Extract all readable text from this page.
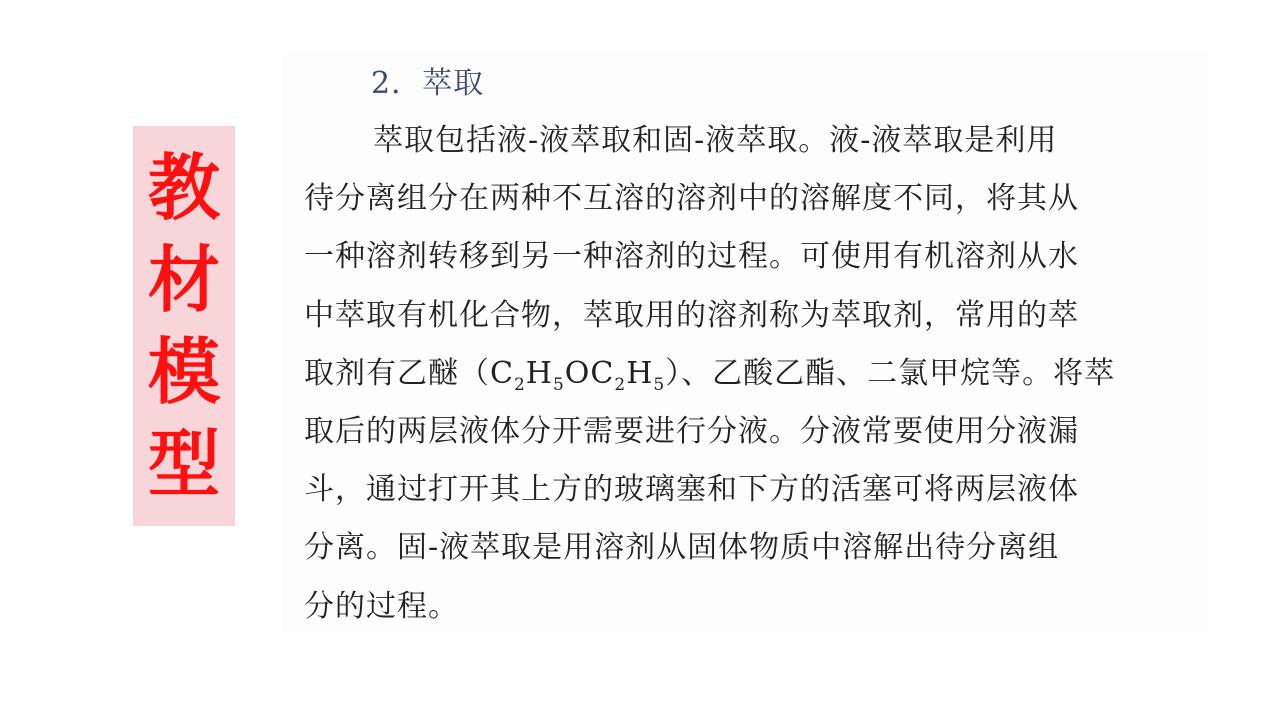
教
材
模
型
2．萃取
萃取包括液-液萃取和固-液萃取。液-液萃取是利用
待分离组分在两种不互溶的溶剂中的溶解度不同，将其从
一种溶剂转移到另一种溶剂的过程。可使用有机溶剂从水
中萃取有机化合物，萃取用的溶剂称为萃取剂，常用的萃
取剂有乙醚$(C_2H_5OC_2H_5)$、乙酸乙酯、二氯甲烷等。将萃
取后的两层液体分开需要进行分液。分液常要使用分液漏
斗，通过打开其上方的玻璃塞和下方的活塞可将两层液体
分离。固-液萃取是用溶剂从固体物质中溶解出待分离组
分的过程。
